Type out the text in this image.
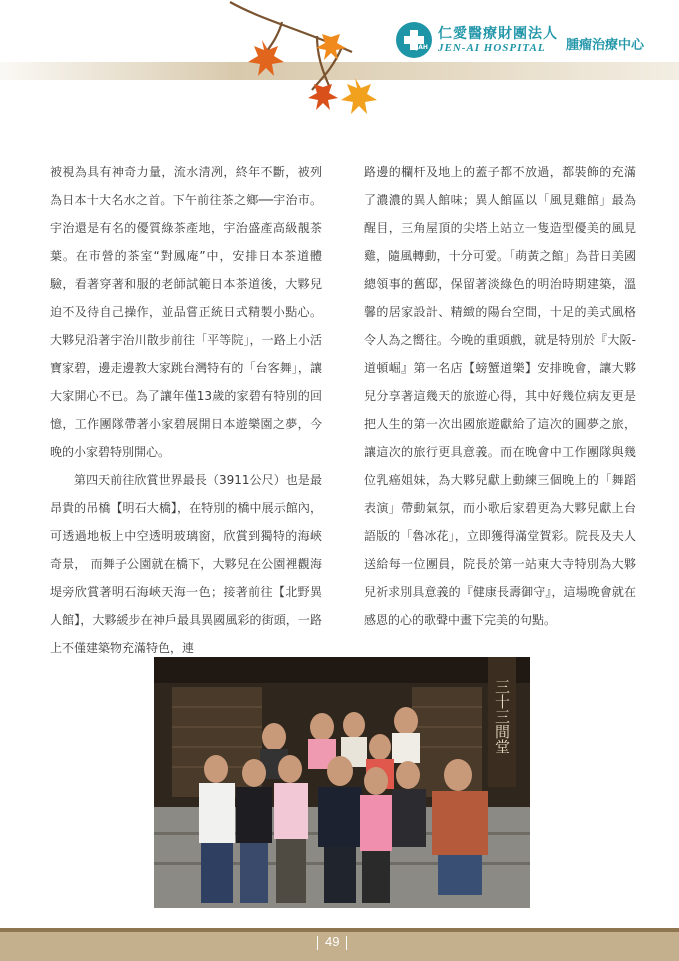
JAH
仁愛醫療財團法人
JEN-AI HOSPITAL 腫瘤治療中心

被視為具有神奇力量，流水清冽，終年不斷，被列為日本十大名水之首。下午前往茶之鄉──宇治市。宇治還是有名的優質綠茶產地，宇治盛產高級靚茶葉。在市營的茶室“對鳳庵”中，安排日本茶道體驗，看著穿著和服的老師試範日本茶道後，大夥兒迫不及待自己操作，並品嘗正統日式精製小點心。大夥兒沿著宇治川散步前往「平等院」，一路上小活寶家碧，邊走邊教大家跳台灣特有的「台客舞」，讓大家開心不已。為了讓年僅13歲的家碧有特別的回憶，工作團隊帶著小家碧展開日本遊樂園之夢，今晚的小家碧特別開心。

第四天前往欣賞世界最長（3911公尺）也是最昂貴的吊橋【明石大橋】，在特別的橋中展示館內，可透過地板上中空透明玻璃窗，欣賞到獨特的海峽奇景， 而舞子公園就在橋下，大夥兒在公園裡觀海堤旁欣賞著明石海峽天海一色；接著前往【北野異人館】，大夥緩步在神戶最具異國風彩的街頭，一路上不僅建築物充滿特色，連

路邊的欄杆及地上的蓋子都不放過，都裝飾的充滿了濃濃的異人館味；異人館區以「風見雞館」最為醒目，三角屋頂的尖塔上站立一隻造型優美的風見雞，隨風轉動，十分可愛。「萌黃之館」為昔日美國總領事的舊邸，保留著淡綠色的明治時期建築，溫馨的居家設計、精緻的陽台空間，十足的美式風格令人為之嚮往。今晚的重頭戲，就是特別於『大阪-道頓崛』第一名店【螃蟹道樂】安排晚會，讓大夥兒分享著這幾天的旅遊心得，其中好幾位病友更是把人生的第一次出國旅遊獻給了這次的圓夢之旅，讓這次的旅行更具意義。而在晚會中工作團隊與幾位乳癌姐妹，為大夥兒獻上動練三個晚上的「舞蹈表演」帶動氣氛，而小歌后家碧更為大夥兒獻上台語版的「魯冰花」，立即獲得滿堂賀彩。院長及夫人送給每一位團員，院長於第一站東大寺特別為大夥兒祈求別具意義的『健康長壽御守』，這場晚會就在感恩的心的歌聲中畫下完美的句點。

三十三間堂
49
